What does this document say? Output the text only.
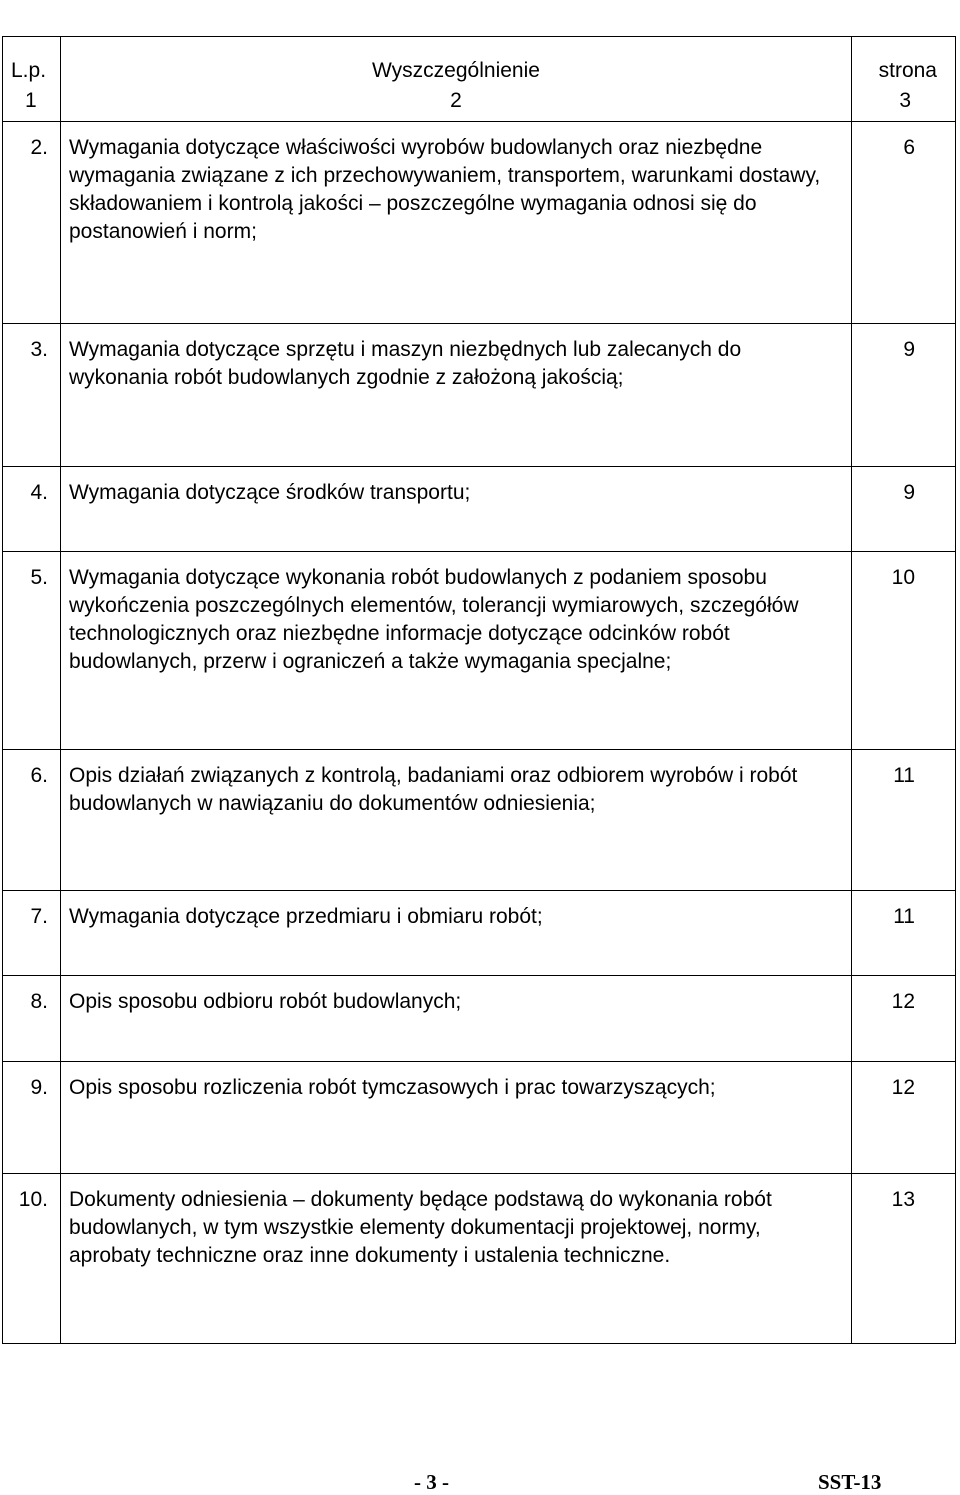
L.p.	Wyszczególnienie	strona
1	2	3
2.	Wymagania dotyczące właściwości wyrobów budowlanych oraz niezbędne wymagania związane z ich przechowywaniem, transportem, warunkami dostawy, składowaniem i kontrolą jakości – poszczególne wymagania odnosi się do postanowień i norm;	6
3.	Wymagania dotyczące sprzętu i maszyn niezbędnych lub zalecanych do wykonania robót budowlanych zgodnie z założoną jakością;	9
4.	Wymagania dotyczące środków transportu;	9
5.	Wymagania dotyczące wykonania robót budowlanych z podaniem sposobu wykończenia poszczególnych elementów, tolerancji wymiarowych, szczegółów technologicznych oraz niezbędne informacje dotyczące odcinków robót budowlanych, przerw i ograniczeń a także wymagania specjalne;	10
6.	Opis działań związanych z kontrolą, badaniami oraz odbiorem wyrobów i robót budowlanych w nawiązaniu do dokumentów odniesienia;	11
7.	Wymagania dotyczące przedmiaru i obmiaru robót;	11
8.	Opis sposobu odbioru robót budowlanych;	12
9.	Opis sposobu rozliczenia robót tymczasowych i prac towarzyszących;	12
10.	Dokumenty odniesienia – dokumenty będące podstawą do wykonania robót budowlanych, w tym wszystkie elementy dokumentacji projektowej, normy, aprobaty techniczne oraz inne dokumenty i ustalenia techniczne.	13
- 3 -	SST-13
